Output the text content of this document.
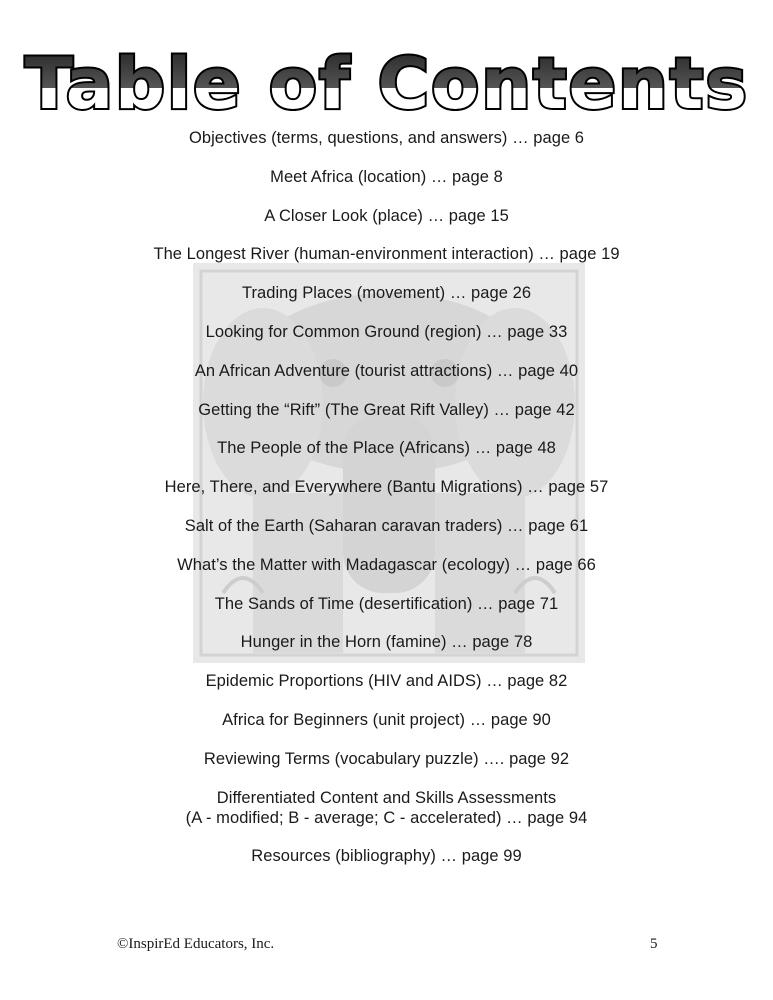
Table of Contents
Objectives (terms, questions, and answers) … page 6
Meet Africa (location) … page 8
A Closer Look (place) … page 15
The Longest River (human-environment interaction) … page 19
Trading Places (movement) … page 26
Looking for Common Ground (region) … page 33
An African Adventure (tourist attractions) … page 40
Getting the “Rift” (The Great Rift Valley) … page 42
The People of the Place (Africans) … page 48
Here, There, and Everywhere (Bantu Migrations) … page 57
Salt of the Earth (Saharan caravan traders) … page 61
What’s the Matter with Madagascar (ecology) … page 66
The Sands of Time (desertification) … page 71
Hunger in the Horn (famine) … page 78
Epidemic Proportions (HIV and AIDS) … page 82
Africa for Beginners (unit project) … page 90
Reviewing Terms (vocabulary puzzle) …. page 92
Differentiated Content and Skills Assessments
(A - modified; B - average; C - accelerated) … page 94
Resources (bibliography) … page 99
©InspirEd Educators, Inc.	5
